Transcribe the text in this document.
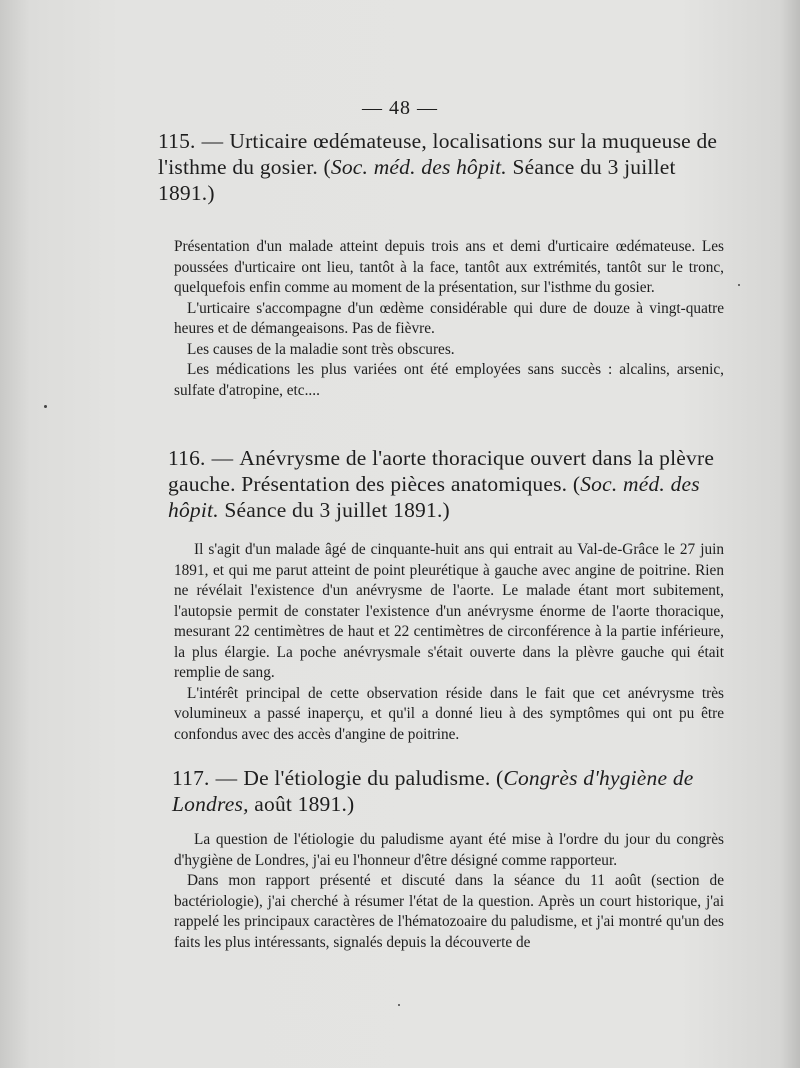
— 48 —
115. — Urticaire œdémateuse, localisations sur la muqueuse de l'isthme du gosier. (Soc. méd. des hôpit. Séance du 3 juillet 1891.)

Présentation d'un malade atteint depuis trois ans et demi d'urticaire œdémateuse. Les poussées d'urticaire ont lieu, tantôt à la face, tantôt aux extrémités, tantôt sur le tronc, quelquefois enfin comme au moment de la présentation, sur l'isthme du gosier.

L'urticaire s'accompagne d'un œdème considérable qui dure de douze à vingt-quatre heures et de démangeaisons. Pas de fièvre.

Les causes de la maladie sont très obscures.

Les médications les plus variées ont été employées sans succès : alcalins, arsenic, sulfate d'atropine, etc....

116. — Anévrysme de l'aorte thoracique ouvert dans la plèvre gauche. Présentation des pièces anatomiques. (Soc. méd. des hôpit. Séance du 3 juillet 1891.)

Il s'agit d'un malade âgé de cinquante-huit ans qui entrait au Val-de-Grâce le 27 juin 1891, et qui me parut atteint de point pleurétique à gauche avec angine de poitrine. Rien ne révélait l'existence d'un anévrysme de l'aorte. Le malade étant mort subitement, l'autopsie permit de constater l'existence d'un anévrysme énorme de l'aorte thoracique, mesurant 22 centimètres de haut et 22 centimètres de circonférence à la partie inférieure, la plus élargie. La poche anévrysmale s'était ouverte dans la plèvre gauche qui était remplie de sang.

L'intérêt principal de cette observation réside dans le fait que cet anévrysme très volumineux a passé inaperçu, et qu'il a donné lieu à des symptômes qui ont pu être confondus avec des accès d'angine de poitrine.

117. — De l'étiologie du paludisme. (Congrès d'hygiène de Londres, août 1891.)

La question de l'étiologie du paludisme ayant été mise à l'ordre du jour du congrès d'hygiène de Londres, j'ai eu l'honneur d'être désigné comme rapporteur.

Dans mon rapport présenté et discuté dans la séance du 11 août (section de bactériologie), j'ai cherché à résumer l'état de la question. Après un court historique, j'ai rappelé les principaux caractères de l'hématozoaire du paludisme, et j'ai montré qu'un des faits les plus intéressants, signalés depuis la découverte de
